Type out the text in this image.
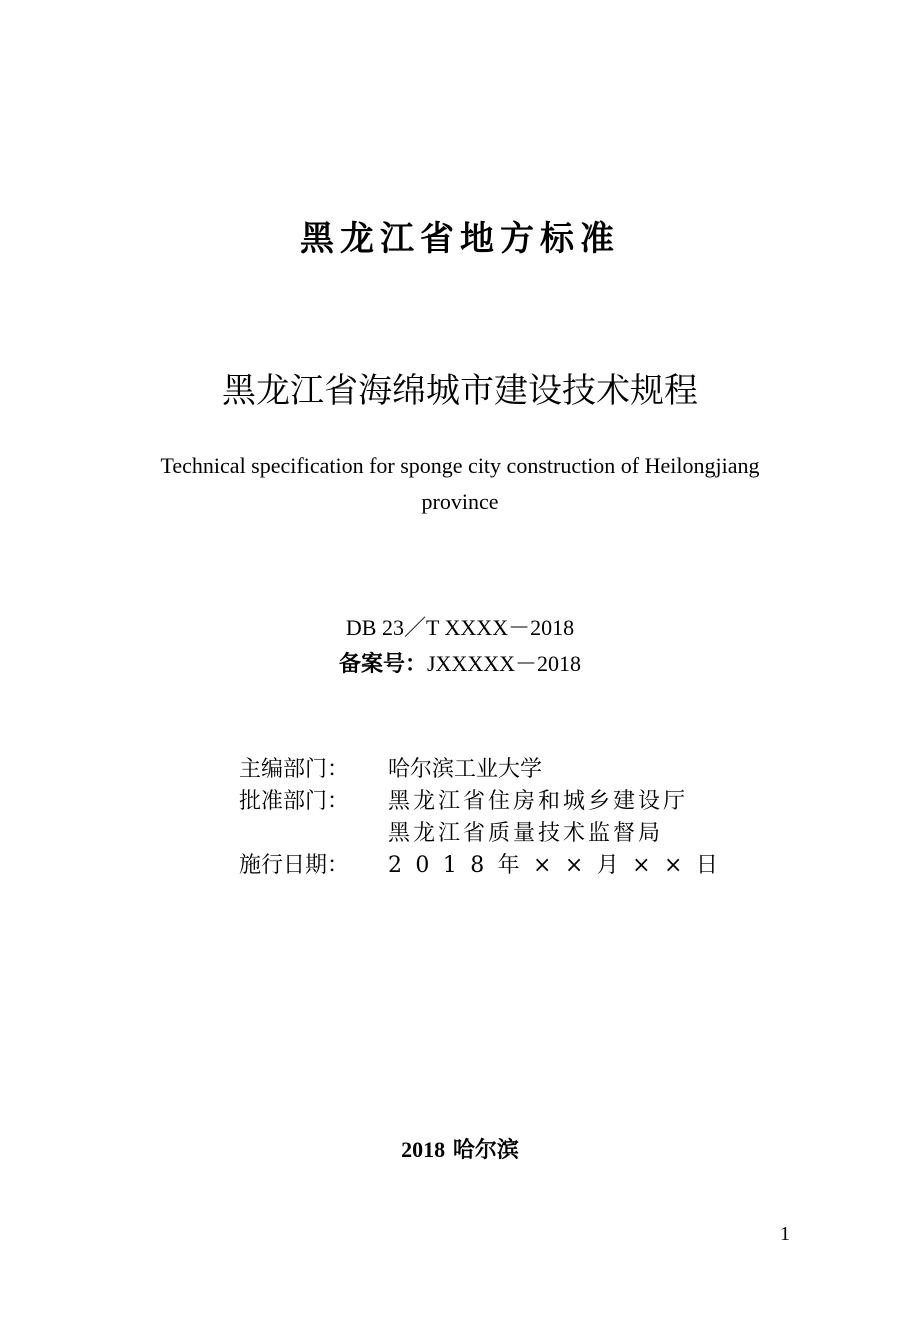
黑龙江省地方标准
黑龙江省海绵城市建设技术规程
Technical specification for sponge city construction of Heilongjiang
province
DB 23／T XXXX－2018
备案号：JXXXXX－2018
主编部门： 哈尔滨工业大学
批准部门： 黑龙江省住房和城乡建设厅
黑龙江省质量技术监督局
施行日期： 2 0 1 8 年 × × 月 × × 日
2018 哈尔滨
1
